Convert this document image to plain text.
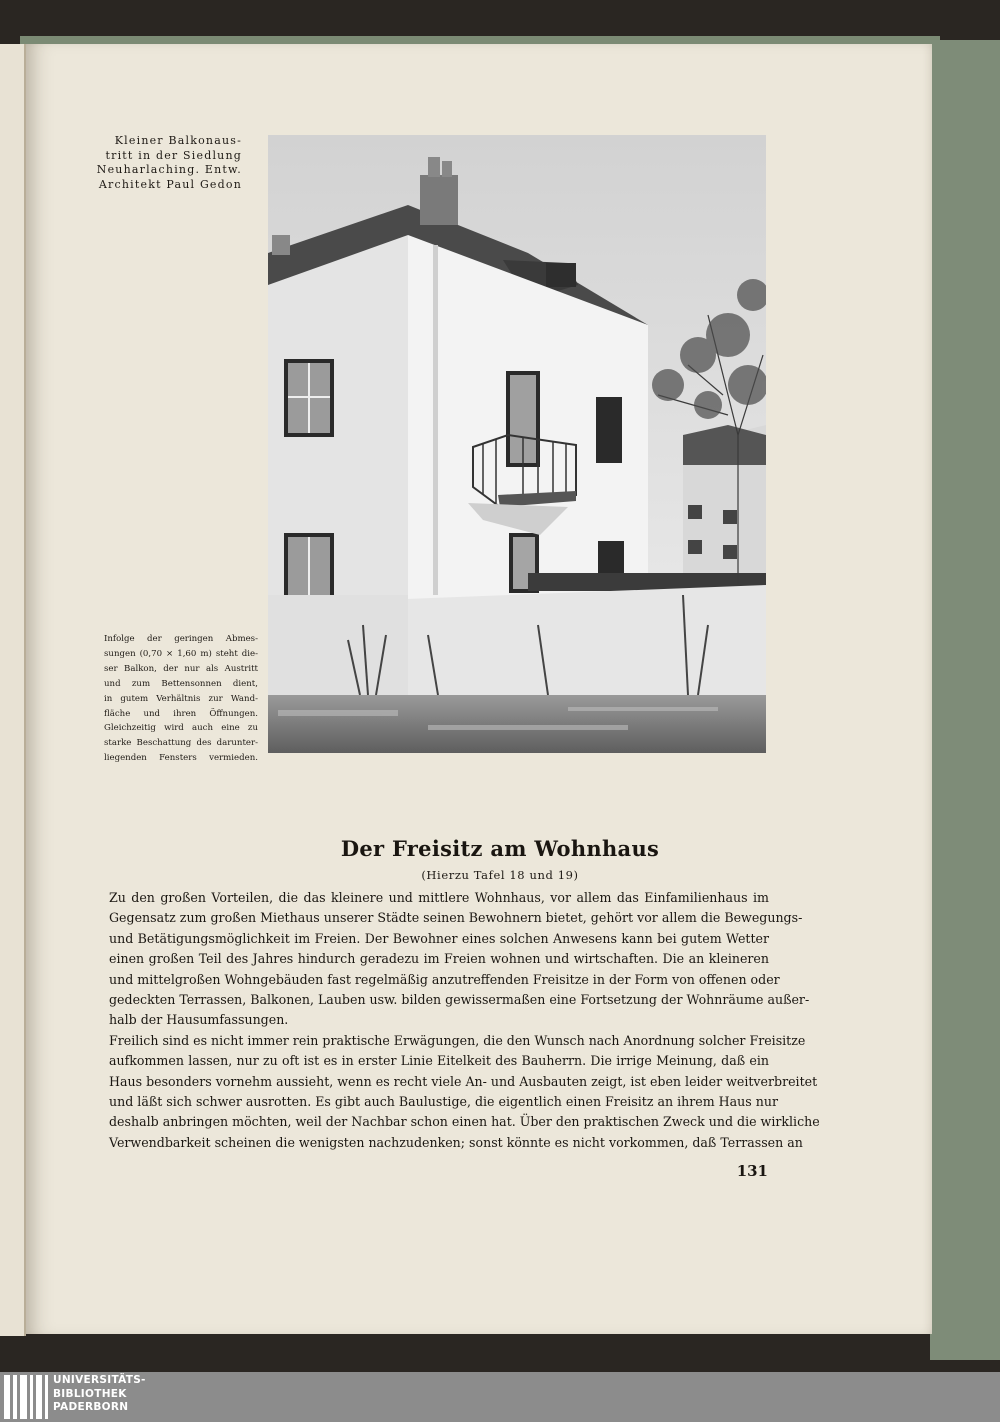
Kleiner Balkonaus-
tritt in der Siedlung
Neuharlaching. Entw.
Architekt Paul Gedon
Infolge der geringen Abmes-
sungen (0,70 × 1,60 m) steht die-
ser Balkon, der nur als Austritt
und zum Bettensonnen dient,
in gutem Verhältnis zur Wand-
fläche und ihren Öffnungen.
Gleichzeitig wird auch eine zu
starke Beschattung des darunter-
liegenden Fensters vermieden.
Der Freisitz am Wohnhaus
(Hierzu Tafel 18 und 19)
Zu den großen Vorteilen, die das kleinere und mittlere Wohnhaus, vor allem das Einfamilienhaus im
Gegensatz zum großen Miethaus unserer Städte seinen Bewohnern bietet, gehört vor allem die Bewegungs-
und Betätigungsmöglichkeit im Freien. Der Bewohner eines solchen Anwesens kann bei gutem Wetter
einen großen Teil des Jahres hindurch geradezu im Freien wohnen und wirtschaften. Die an kleineren
und mittelgroßen Wohngebäuden fast regelmäßig anzutreffenden Freisitze in der Form von offenen oder
gedeckten Terrassen, Balkonen, Lauben usw. bilden gewissermaßen eine Fortsetzung der Wohnräume außer-
halb der Hausumfassungen.
Freilich sind es nicht immer rein praktische Erwägungen, die den Wunsch nach Anordnung solcher Freisitze
aufkommen lassen, nur zu oft ist es in erster Linie Eitelkeit des Bauherrn. Die irrige Meinung, daß ein
Haus besonders vornehm aussieht, wenn es recht viele An- und Ausbauten zeigt, ist eben leider weitverbreitet
und läßt sich schwer ausrotten. Es gibt auch Baulustige, die eigentlich einen Freisitz an ihrem Haus nur
deshalb anbringen möchten, weil der Nachbar schon einen hat. Über den praktischen Zweck und die wirkliche
Verwendbarkeit scheinen die wenigsten nachzudenken; sonst könnte es nicht vorkommen, daß Terrassen an
131
UNIVERSITÄTS-
BIBLIOTHEK
PADERBORN
